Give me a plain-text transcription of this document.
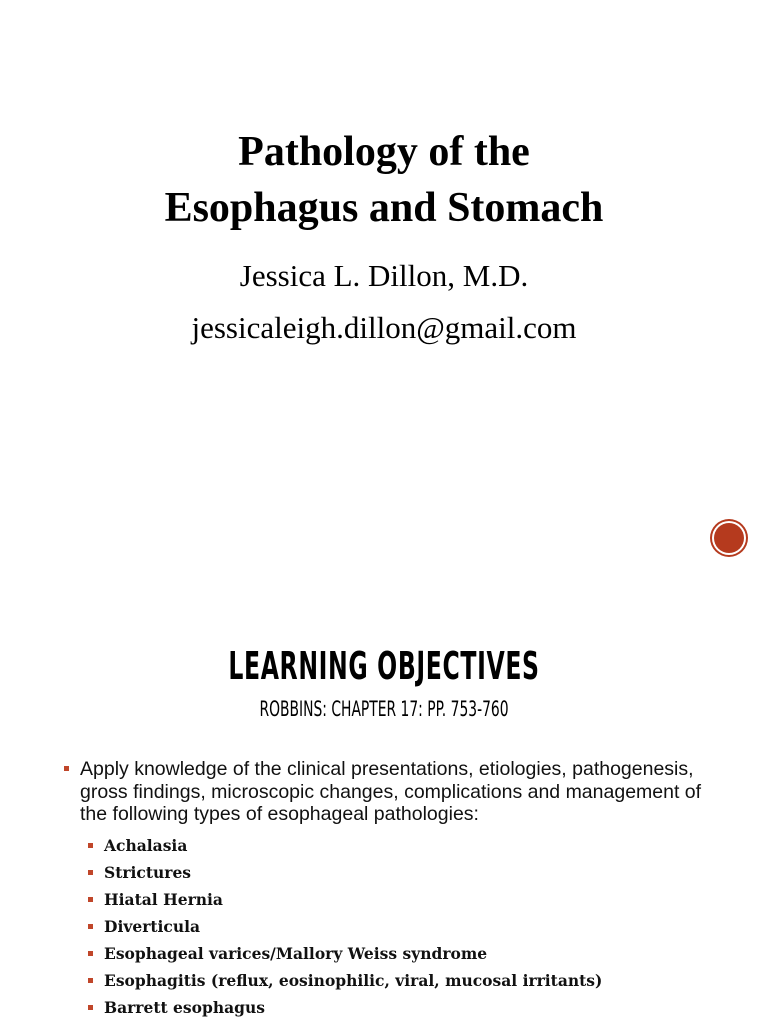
Pathology of the
Esophagus and Stomach
Jessica L. Dillon, M.D.
jessicaleigh.dillon@gmail.com
LEARNING OBJECTIVES
ROBBINS: CHAPTER 17: PP. 753-760
Apply knowledge of the clinical presentations, etiologies, pathogenesis, gross findings, microscopic changes, complications and management of the following types of esophageal pathologies:
Achalasia
Strictures
Hiatal Hernia
Diverticula
Esophageal varices/Mallory Weiss syndrome
Esophagitis (reflux, eosinophilic, viral, mucosal irritants)
Barrett esophagus
